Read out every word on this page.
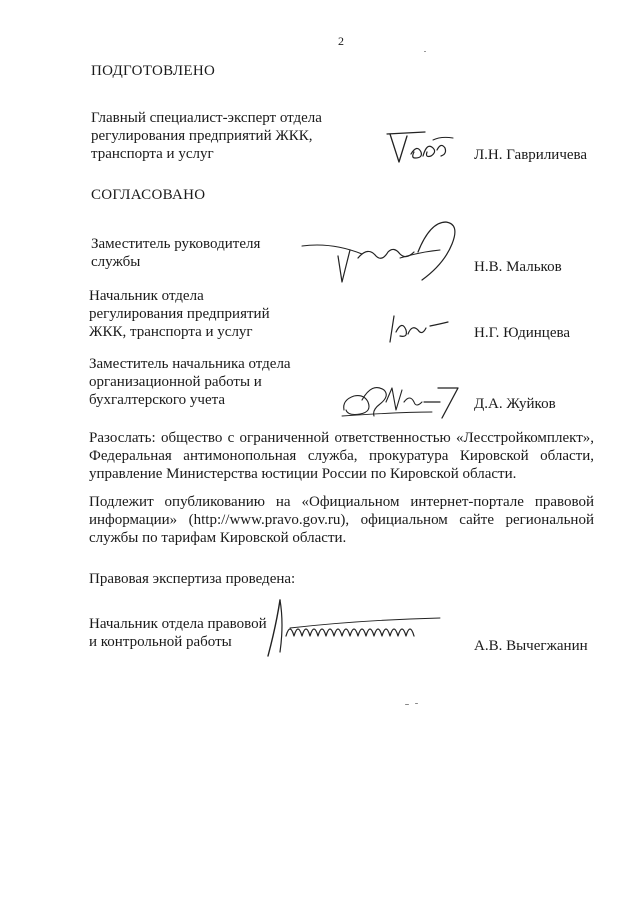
2
ПОДГОТОВЛЕНО
Главный специалист-эксперт отдела
регулирования предприятий ЖКК,
транспорта и услуг	Л.Н. Гавриличева
СОГЛАСОВАНО
Заместитель руководителя
службы	Н.В. Мальков
Начальник отдела
регулирования предприятий
ЖКК, транспорта и услуг	Н.Г. Юдинцева
Заместитель начальника отдела
организационной работы и
бухгалтерского учета	Д.А. Жуйков
Разослать: общество с ограниченной ответственностью «Лесстройкомплект»,
Федеральная антимонопольная служба, прокуратура Кировской области,
управление Министерства юстиции России по Кировской области.
Подлежит опубликованию на «Официальном интернет-портале правовой
информации» (http://www.pravo.gov.ru), официальном сайте региональной
службы по тарифам Кировской области.
Правовая экспертиза проведена:
Начальник отдела правовой
и контрольной работы	А.В. Вычегжанин
